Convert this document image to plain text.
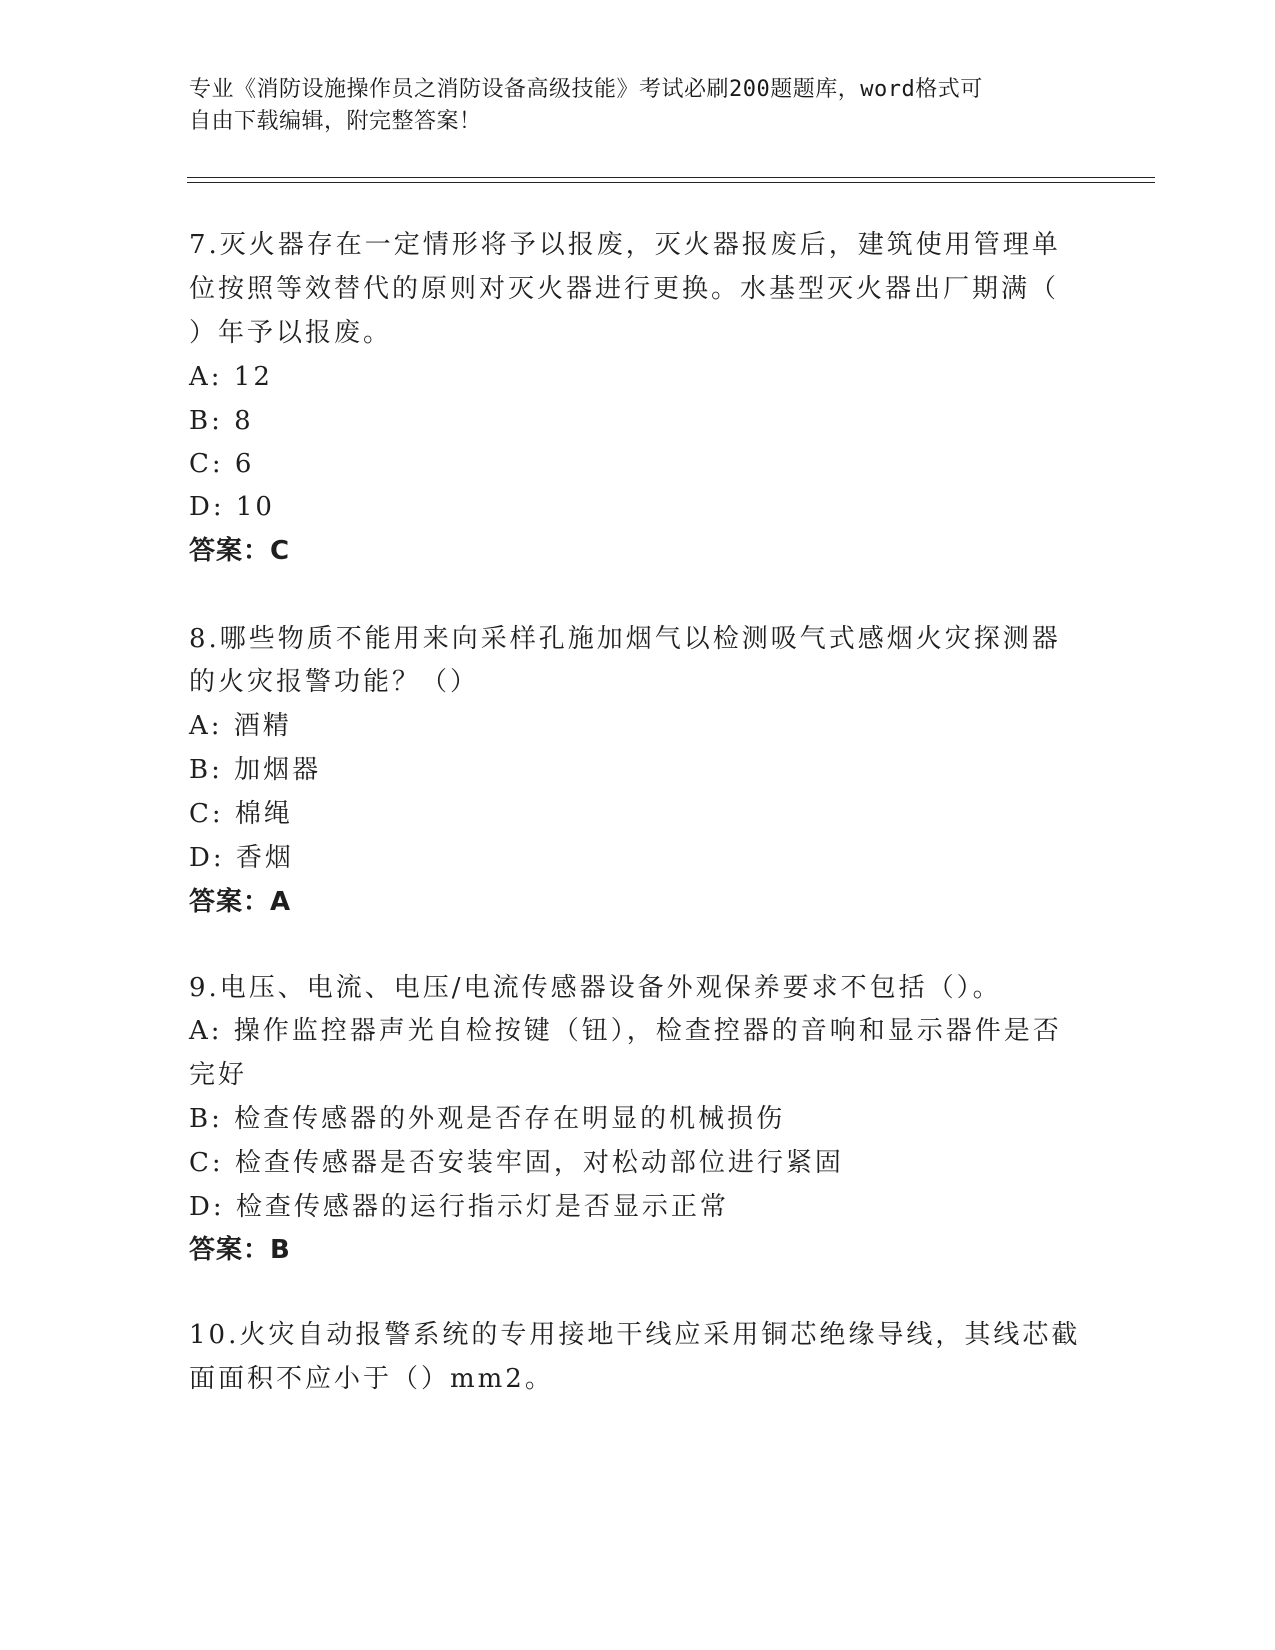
专业《消防设施操作员之消防设备高级技能》考试必刷200题题库，word格式可
自由下载编辑，附完整答案！
7.灭火器存在一定情形将予以报废，灭火器报废后，建筑使用管理单
位按照等效替代的原则对灭火器进行更换。水基型灭火器出厂期满（
）年予以报废。
A: 12
B: 8
C: 6
D: 10
答案：C
8.哪些物质不能用来向采样孔施加烟气以检测吸气式感烟火灾探测器
的火灾报警功能？（）
A: 酒精
B: 加烟器
C: 棉绳
D: 香烟
答案：A
9.电压、电流、电压/电流传感器设备外观保养要求不包括（）。
A: 操作监控器声光自检按键（钮），检查控器的音响和显示器件是否
完好
B: 检查传感器的外观是否存在明显的机械损伤
C: 检查传感器是否安装牢固，对松动部位进行紧固
D: 检查传感器的运行指示灯是否显示正常
答案：B
10.火灾自动报警系统的专用接地干线应采用铜芯绝缘导线，其线芯截
面面积不应小于（）mm2。
